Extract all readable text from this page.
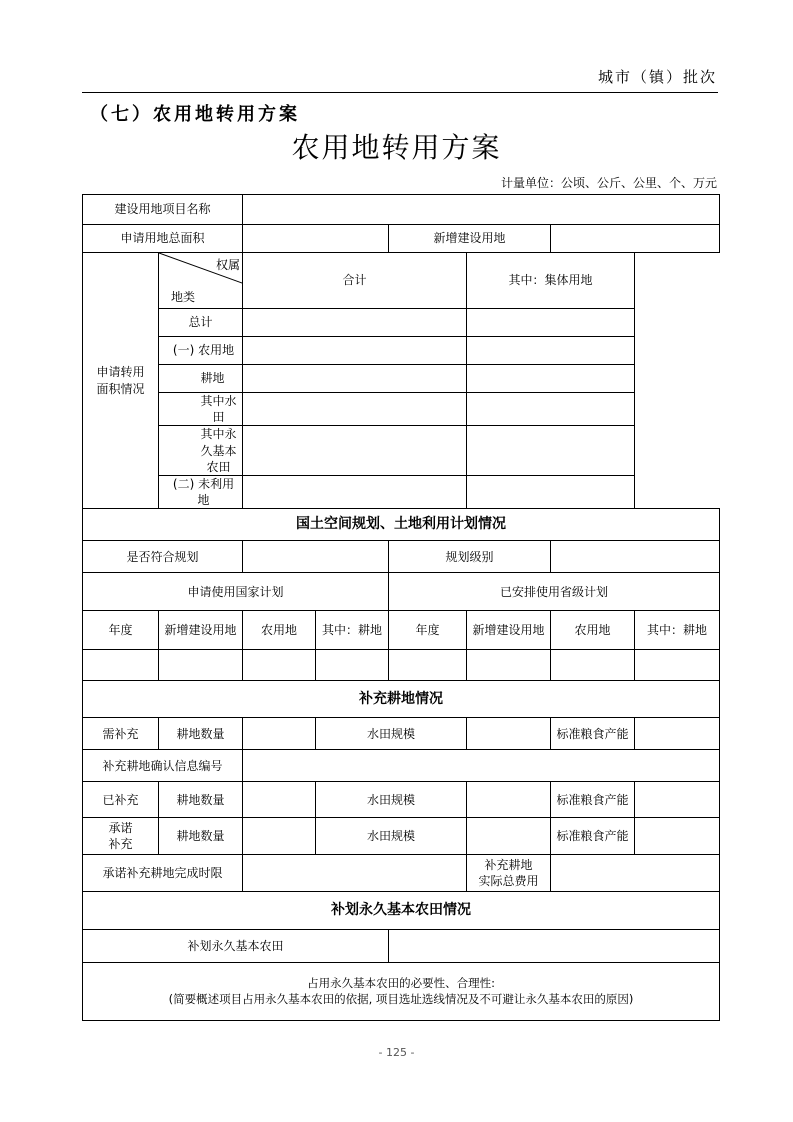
城市（镇）批次
（七）农用地转用方案
农用地转用方案
计量单位：公顷、公斤、公里、个、万元
建设用地项目名称							
申请用地总面积				新增建设用地			

申请转用面积情况	权属
地类	合计			其中：集体用地		
	总计						
	(一) 农用地						
	耕地						
	其中水田						
	其中永久基本农田						
	(二) 未利用地						
国土空间规划、土地利用计划情况							
是否符合规划				规划级别			
申请使用国家计划				已安排使用省级计划			
年度	新增建设用地	农用地	其中：耕地	年度	新增建设用地	农用地	其中：耕地

补充耕地情况							
需补充	耕地数量		水田规模			标准粮食产能	
补充耕地确认信息编号							
已补充	耕地数量		水田规模			标准粮食产能	
承诺
补充	耕地数量		水田规模			标准粮食产能	
承诺补充耕地完成时限					补充耕地
实际总费用		
补划永久基本农田情况							
补划永久基本农田							

占用永久基本农田的必要性、合理性:
(简要概述项目占用永久基本农田的依据, 项目选址选线情况及不可避让永久基本农田的原因)							
- 125 -
